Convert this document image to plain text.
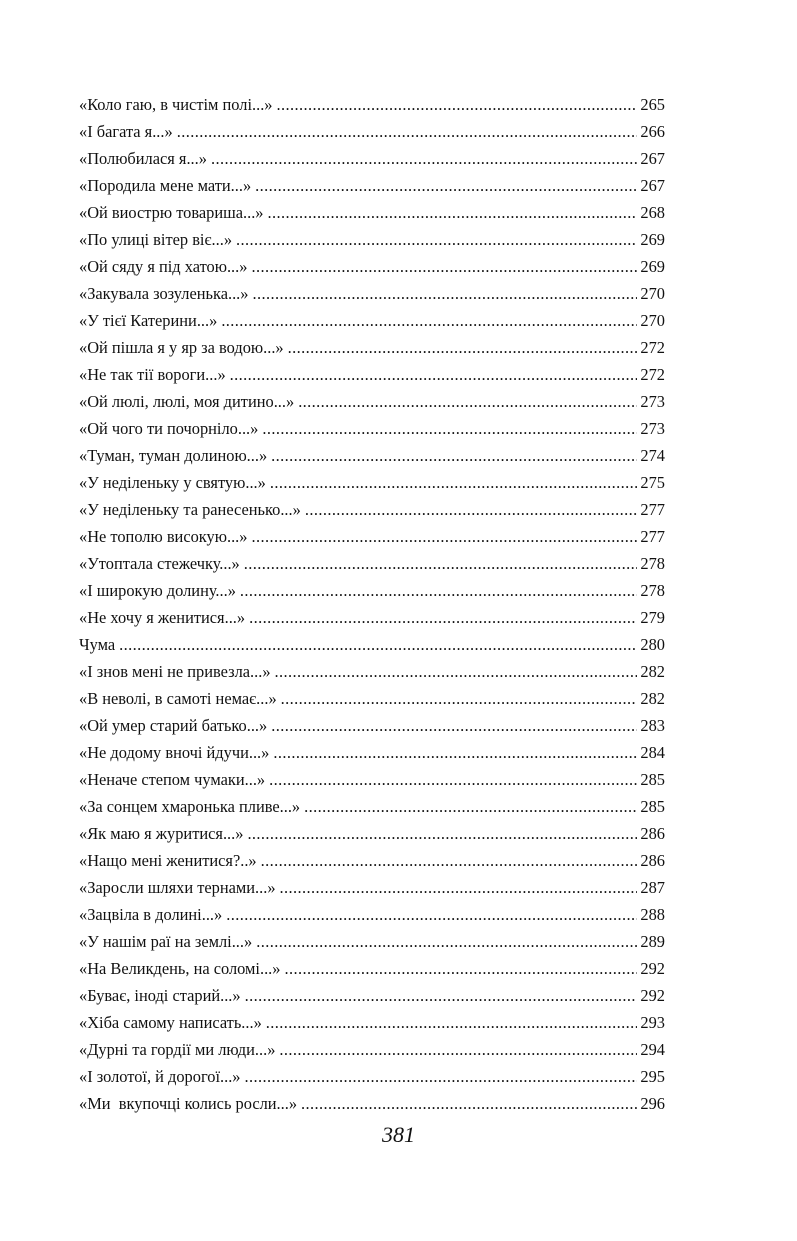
«Коло гаю, в чистім полі...» .....	265
«І багата я...» .....	266
«Полюбилася я...» .....	267
«Породила мене мати...» .....	267
«Ой виострю товариша...» .....	268
«По улиці вітер віє...» .....	269
«Ой сяду я під хатою...» .....	269
«Закувала зозуленька...» .....	270
«У тієї Катерини...» .....	270
«Ой пішла я у яр за водою...» .....	272
«Не так тії вороги...» .....	272
«Ой люлі, люлі, моя дитино...» .....	273
«Ой чого ти почорніло...» .....	273
«Туман, туман долиною...» .....	274
«У неділеньку у святую...» .....	275
«У неділеньку та ранесенько...» .....	277
«Не тополю високую...» .....	277
«Утоптала стежечку...» .....	278
«І широкую долину...» .....	278
«Не хочу я женитися...» .....	279
Чума .....	280
«І знов мені не привезла...» .....	282
«В неволі, в самоті немає...» .....	282
«Ой умер старий батько...» .....	283
«Не додому вночі йдучи...» .....	284
«Неначе степом чумаки...» .....	285
«За сонцем хмаронька пливе...» .....	285
«Як маю я журитися...» .....	286
«Нащо мені женитися?..» .....	286
«Заросли шляхи тернами...» .....	287
«Зацвіла в долині...» .....	288
«У нашім раї на землі...» .....	289
«На Великдень, на соломі...» .....	292
«Буває, іноді старий...» .....	292
«Хіба самому написать...» .....	293
«Дурні та гордії ми люди...» .....	294
«І золотої, й дорогої...» .....	295
«Ми  вкупочці колись росли...» .....	296
381
